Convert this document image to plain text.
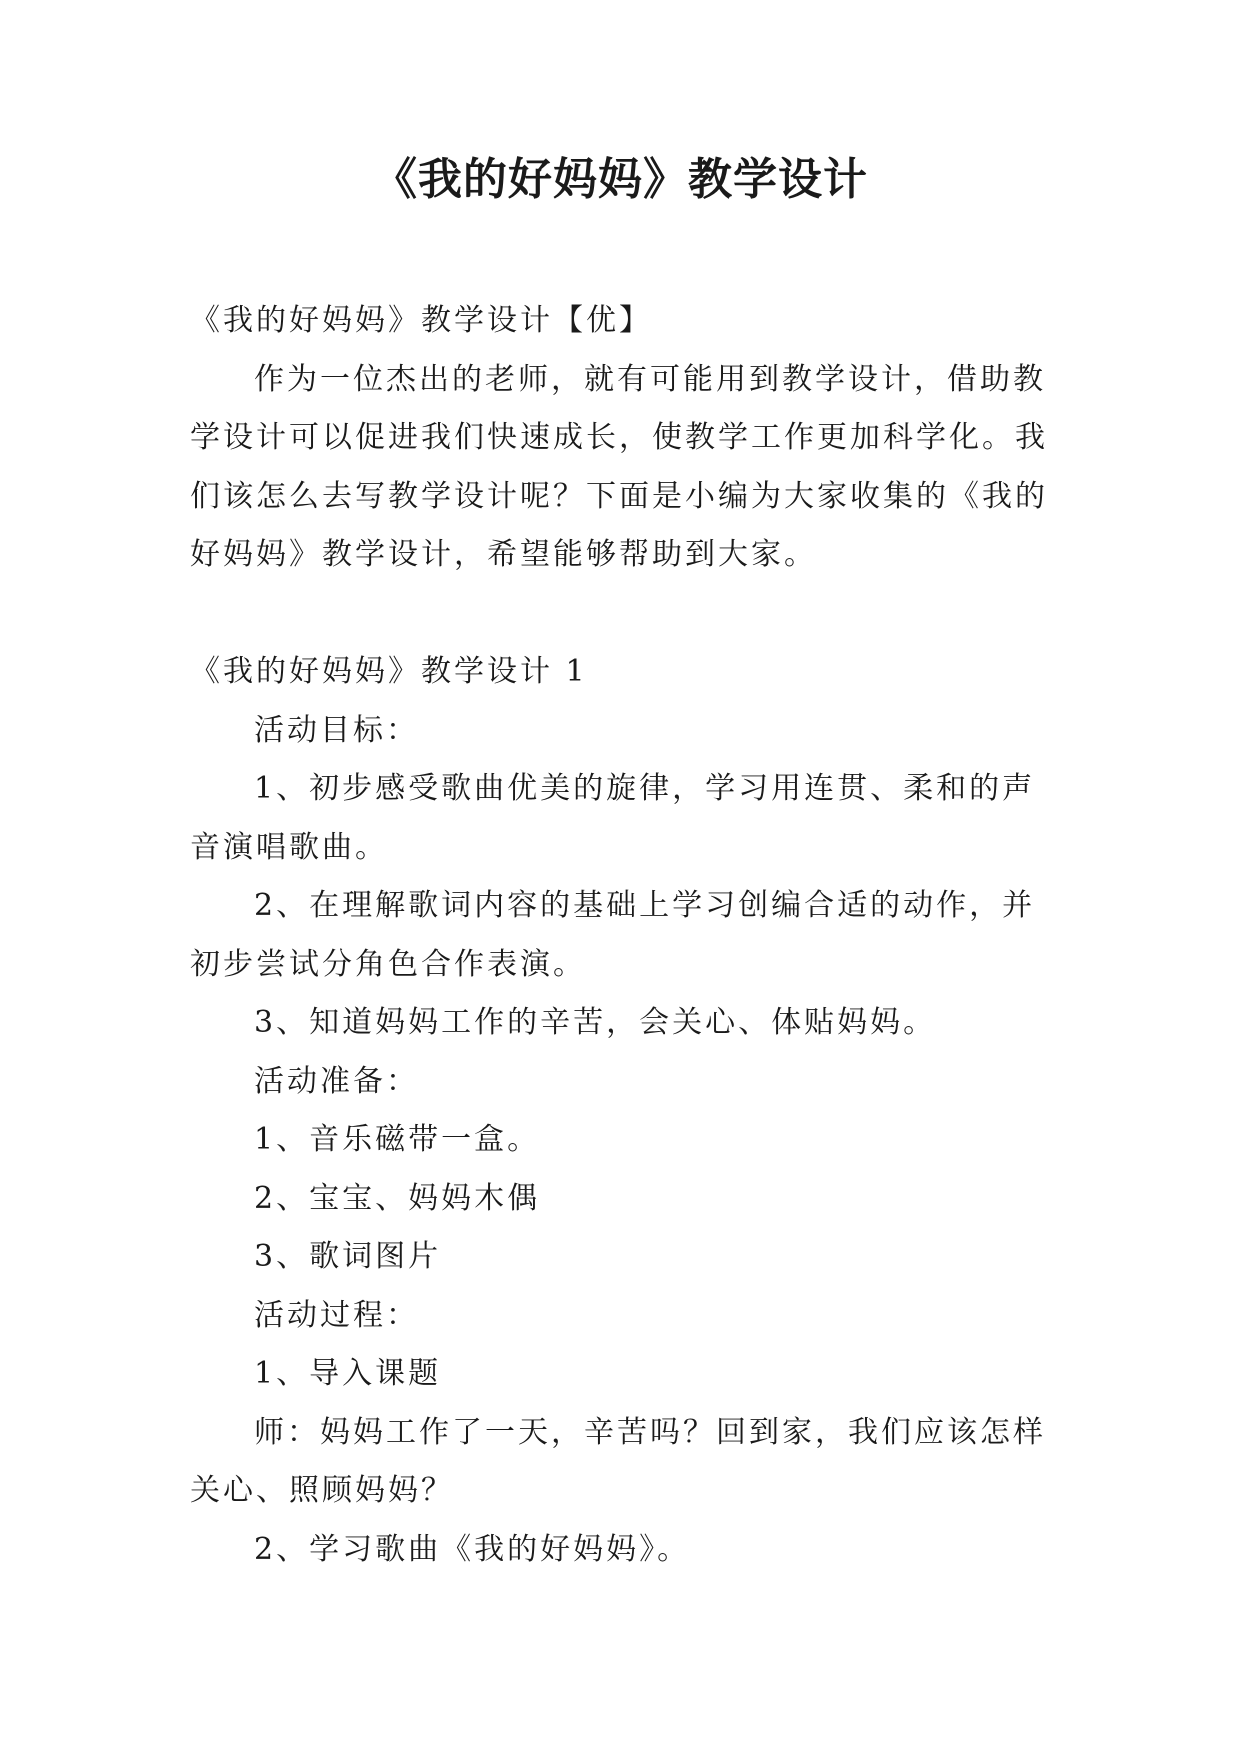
《我的好妈妈》教学设计

《我的好妈妈》教学设计【优】

作为一位杰出的老师，就有可能用到教学设计，借助教学设计可以促进我们快速成长，使教学工作更加科学化。我们该怎么去写教学设计呢？下面是小编为大家收集的《我的好妈妈》教学设计，希望能够帮助到大家。

《我的好妈妈》教学设计 1

活动目标：

1、初步感受歌曲优美的旋律，学习用连贯、柔和的声音演唱歌曲。

2、在理解歌词内容的基础上学习创编合适的动作，并初步尝试分角色合作表演。

3、知道妈妈工作的辛苦，会关心、体贴妈妈。

活动准备：

1、音乐磁带一盒。

2、宝宝、妈妈木偶

3、歌词图片

活动过程：

1、导入课题

师：妈妈工作了一天，辛苦吗？回到家，我们应该怎样关心、照顾妈妈？

2、学习歌曲《我的好妈妈》。
